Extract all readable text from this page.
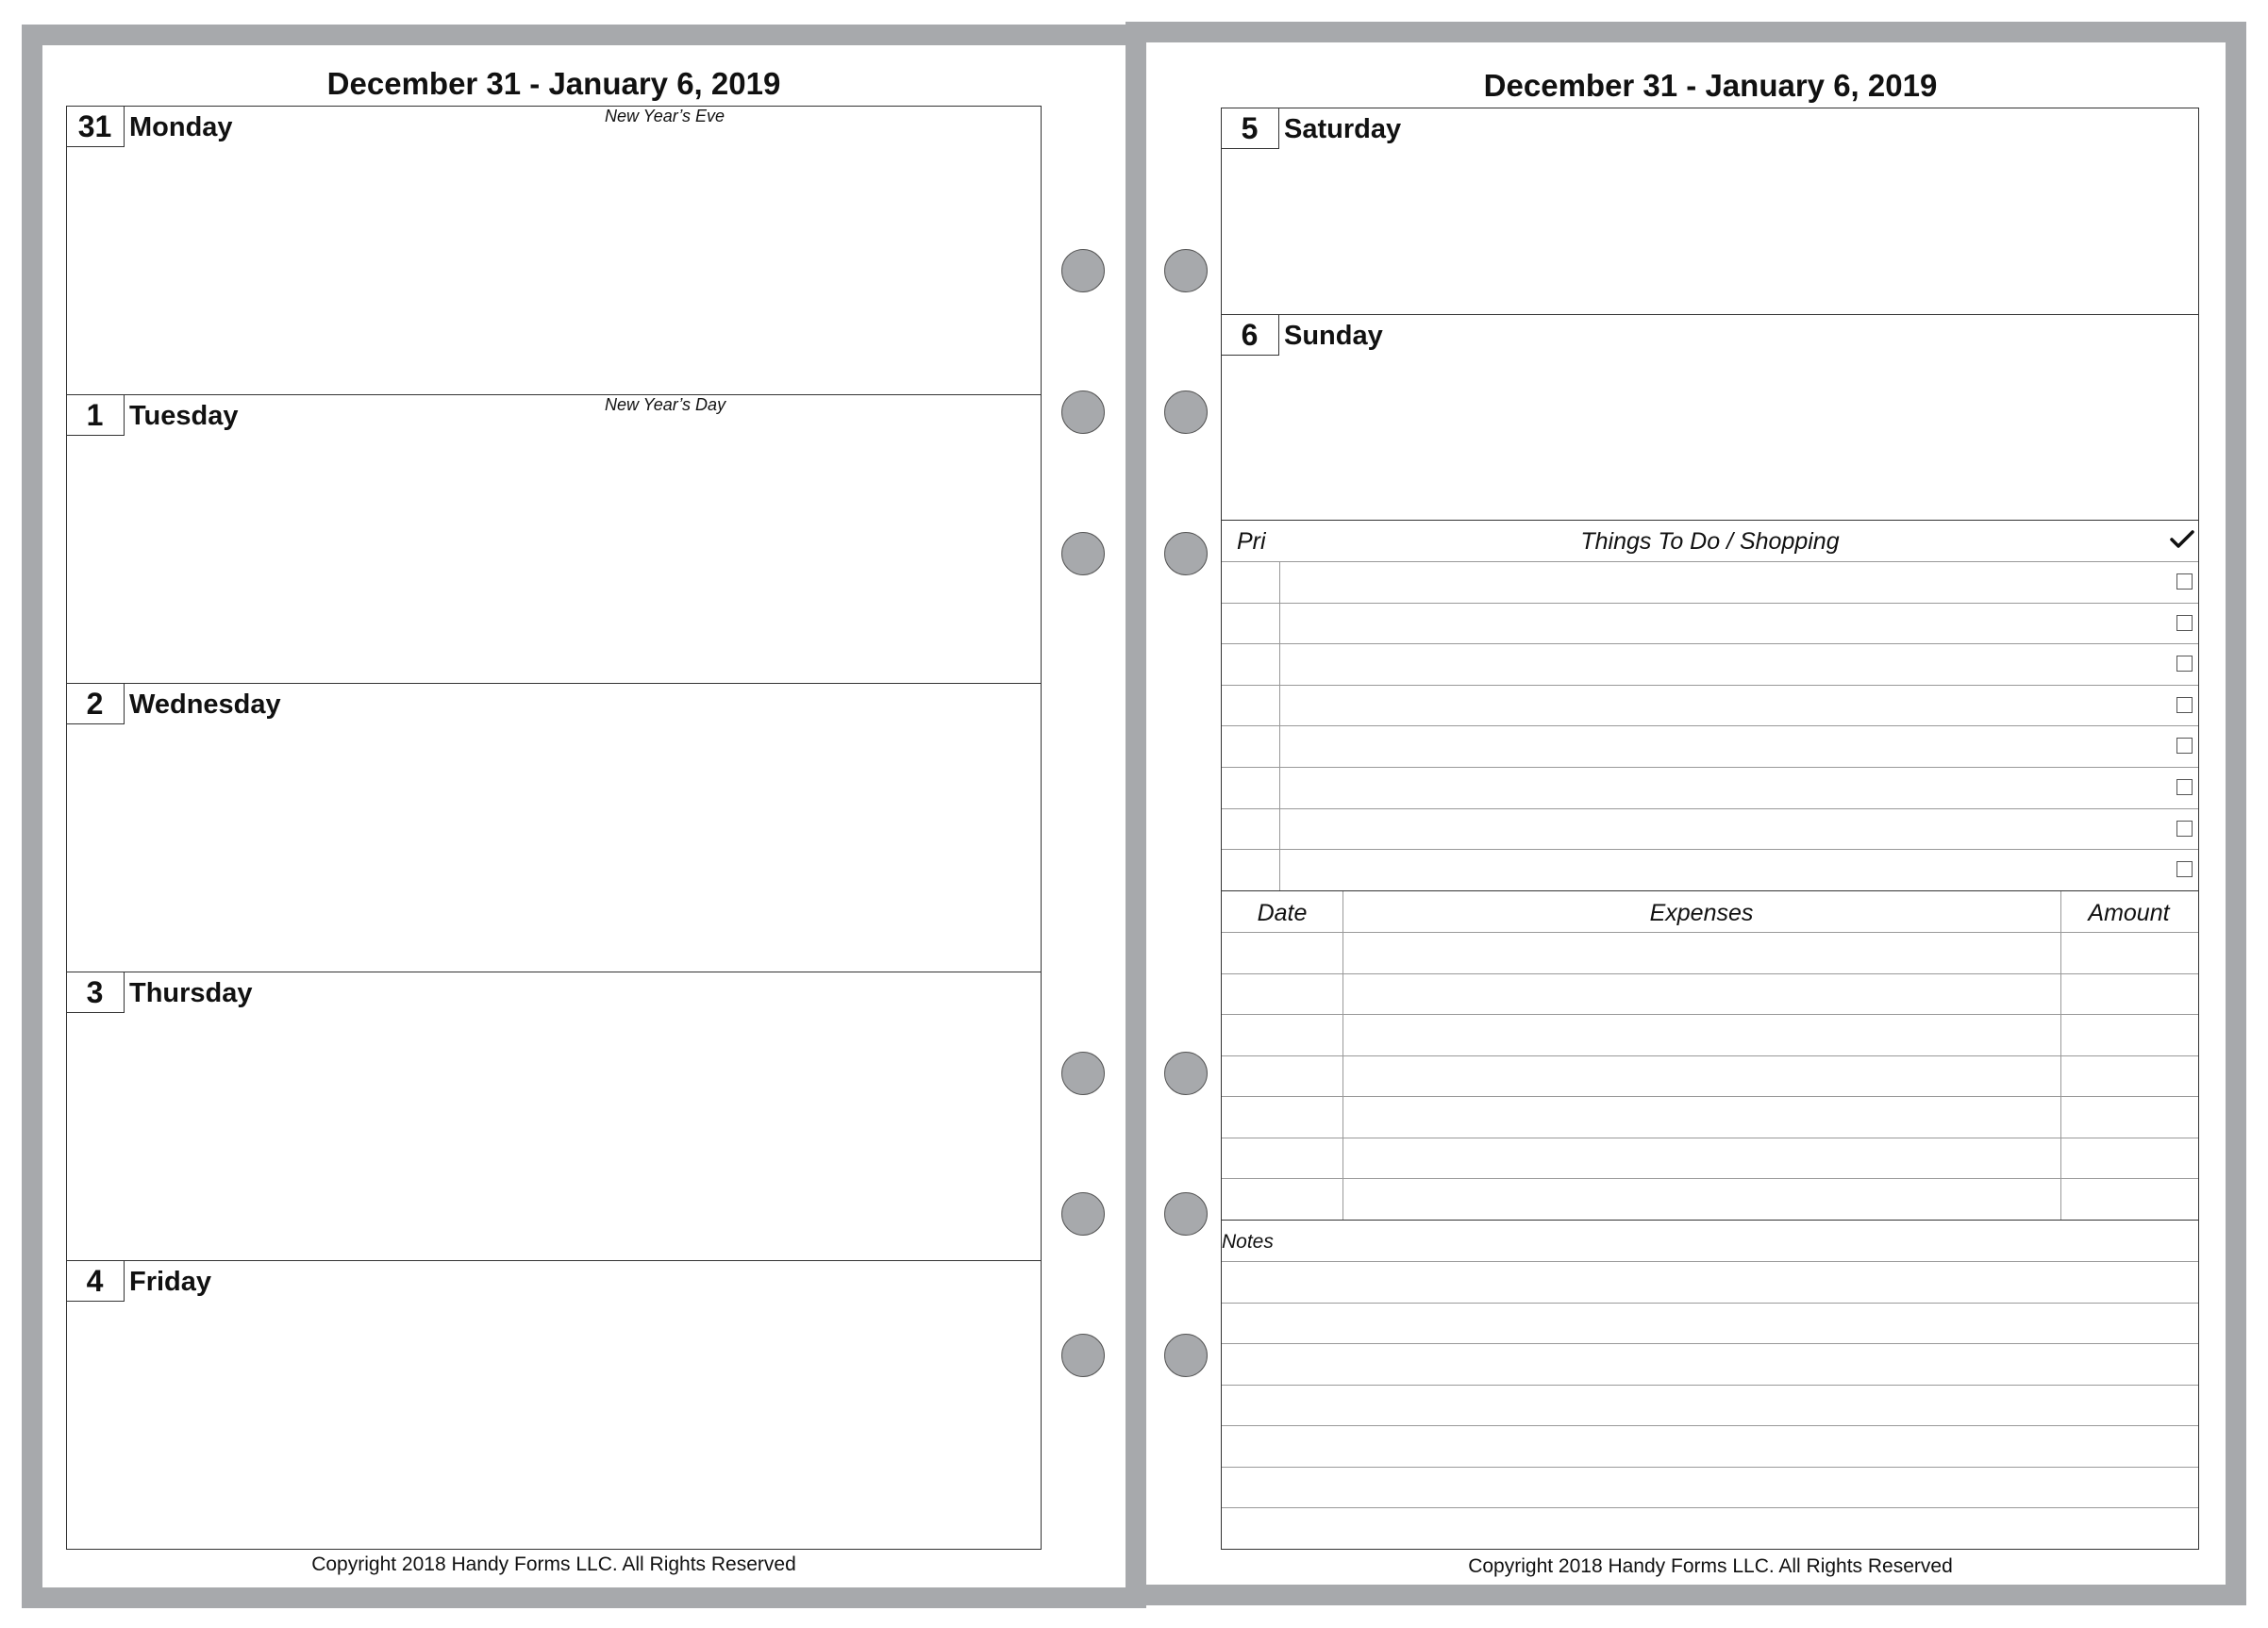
December 31 - January 6, 2019
31 Monday	New Year’s Eve
1 Tuesday	New Year’s Day
2 Wednesday
3 Thursday
4 Friday
Copyright 2018 Handy Forms LLC. All Rights Reserved
December 31 - January 6, 2019
5 Saturday
6 Sunday
Pri	Things To Do / Shopping
Date	Expenses	Amount
Notes
Copyright 2018 Handy Forms LLC. All Rights Reserved
